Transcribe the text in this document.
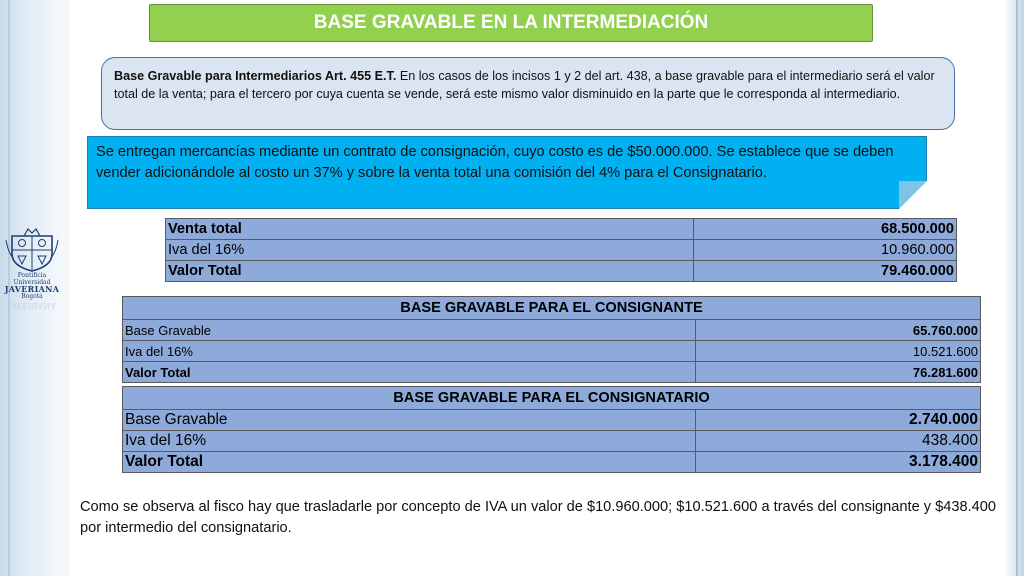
BASE GRAVABLE EN LA INTERMEDIACIÓN
Pontificia Universidad
JAVERIANA
Bogotá
JAVERIANA
Base Gravable para Intermediarios Art. 455 E.T. En los casos de los incisos 1 y 2 del art. 438, a base gravable para el intermediario será el valor total de la venta; para el tercero por cuya cuenta se vende, será este mismo valor disminuido en la parte que le corresponda al intermediario.
Se entregan mercancías mediante un contrato de consignación, cuyo costo es de $50.000.000. Se establece que se deben vender adicionándole al costo un 37% y sobre la venta total una comisión del 4% para el Consignatario.
Venta total	68.500.000
Iva del 16%	10.960.000
Valor Total	79.460.000
BASE GRAVABLE PARA EL CONSIGNANTE	
Base Gravable	65.760.000
Iva del 16%	10.521.600
Valor Total	76.281.600
BASE GRAVABLE PARA EL CONSIGNATARIO	
Base Gravable	2.740.000
Iva del 16%	438.400
Valor Total	3.178.400
Como se observa al fisco hay que trasladarle por concepto de IVA un valor de $10.960.000; $10.521.600 a través del consignante y $438.400 por intermedio del consignatario.
